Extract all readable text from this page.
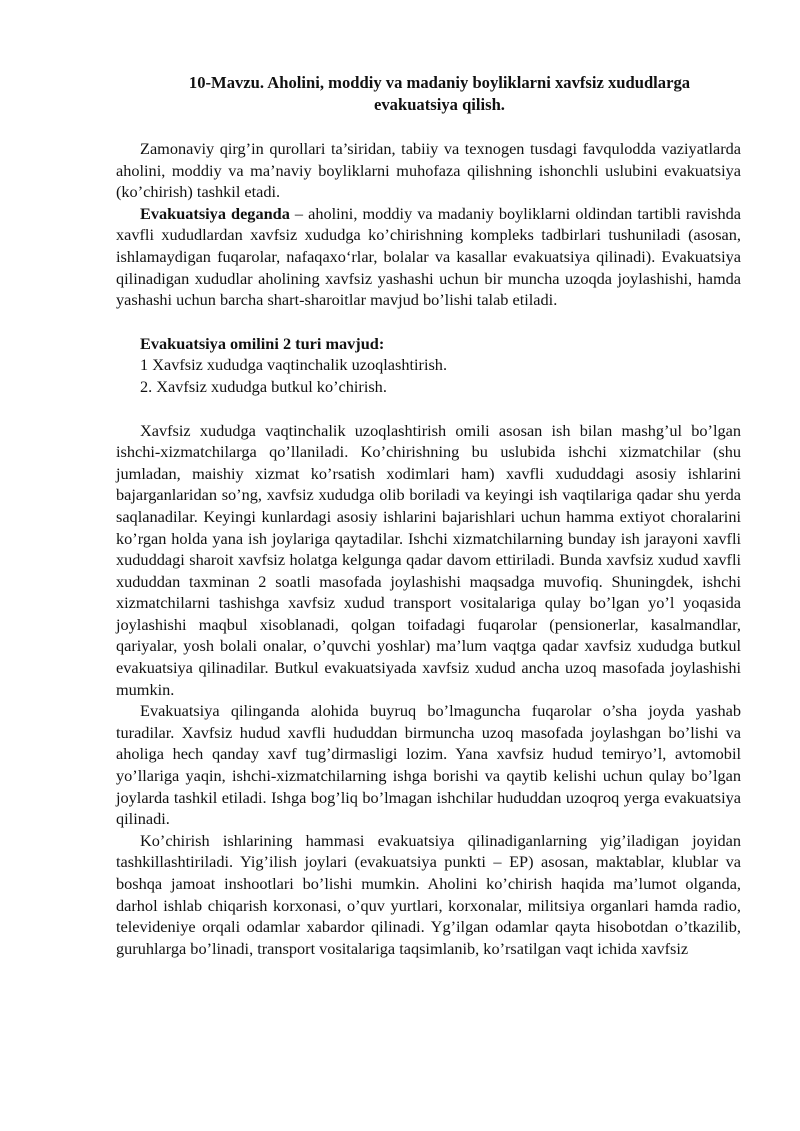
10-Mavzu. Aholini, moddiy va madaniy boyliklarni xavfsiz xududlarga
evakuatsiya qilish.

Zamonaviy qirg’in qurollari ta’siridan, tabiiy va texnogen tusdagi favqulodda vaziyatlarda aholini, moddiy va ma’naviy boyliklarni muhofaza qilishning ishonchli uslubini evakuatsiya (ko’chirish) tashkil etadi.

Evakuatsiya deganda – aholini, moddiy va madaniy boyliklarni oldindan tartibli ravishda xavfli xududlardan xavfsiz xududga ko’chirishning kompleks tadbirlari tushuniladi (asosan, ishlamaydigan fuqarolar, nafaqaxo‘rlar, bolalar va kasallar evakuatsiya qilinadi). Evakuatsiya qilinadigan xududlar aholining xavfsiz yashashi uchun bir muncha uzoqda joylashishi, hamda yashashi uchun barcha shart-sharoitlar mavjud bo’lishi talab etiladi.

Evakuatsiya omilini 2 turi mavjud:

1 Xavfsiz xududga vaqtinchalik uzoqlashtirish.

2. Xavfsiz xududga butkul ko’chirish.

Xavfsiz xududga vaqtinchalik uzoqlashtirish omili asosan ish bilan mashg’ul bo’lgan ishchi-xizmatchilarga qo’llaniladi. Ko’chirishning bu uslubida ishchi xizmatchilar (shu jumladan, maishiy xizmat ko’rsatish xodimlari ham) xavfli xududdagi asosiy ishlarini bajarganlaridan so’ng, xavfsiz xududga olib boriladi va keyingi ish vaqtilariga qadar shu yerda saqlanadilar. Keyingi kunlardagi asosiy ishlarini bajarishlari uchun hamma extiyot choralarini ko’rgan holda yana ish joylariga qaytadilar. Ishchi xizmatchilarning bunday ish jarayoni xavfli xududdagi sharoit xavfsiz holatga kelgunga qadar davom ettiriladi. Bunda xavfsiz xudud xavfli xududdan taxminan 2 soatli masofada joylashishi maqsadga muvofiq. Shuningdek, ishchi xizmatchilarni tashishga xavfsiz xudud transport vositalariga qulay bo’lgan yo’l yoqasida joylashishi maqbul xisoblanadi, qolgan toifadagi fuqarolar (pensionerlar, kasalmandlar, qariyalar, yosh bolali onalar, o’quvchi yoshlar) ma’lum vaqtga qadar xavfsiz xududga butkul evakuatsiya qilinadilar. Butkul evakuatsiyada xavfsiz xudud ancha uzoq masofada joylashishi mumkin.

Evakuatsiya qilinganda alohida buyruq bo’lmaguncha fuqarolar o’sha joyda yashab turadilar. Xavfsiz hudud xavfli hududdan birmuncha uzoq masofada joylashgan bo’lishi va aholiga hech qanday xavf tug’dirmasligi lozim. Yana xavfsiz hudud temiryo’l, avtomobil yo’llariga yaqin, ishchi-xizmatchilarning ishga borishi va qaytib kelishi uchun qulay bo’lgan joylarda tashkil etiladi. Ishga bog’liq bo’lmagan ishchilar hududdan uzoqroq yerga evakuatsiya qilinadi.

Ko’chirish ishlarining hammasi evakuatsiya qilinadiganlarning yig’iladigan joyidan tashkillashtiriladi. Yig’ilish joylari (evakuatsiya punkti – EP) asosan, maktablar, klublar va boshqa jamoat inshootlari bo’lishi mumkin. Aholini ko’chirish haqida ma’lumot olganda, darhol ishlab chiqarish korxonasi, o’quv yurtlari, korxonalar, militsiya organlari hamda radio, televideniye orqali odamlar xabardor qilinadi. Yg’ilgan odamlar qayta hisobotdan o’tkazilib, guruhlarga bo’linadi, transport vositalariga taqsimlanib, ko’rsatilgan vaqt ichida xavfsiz
